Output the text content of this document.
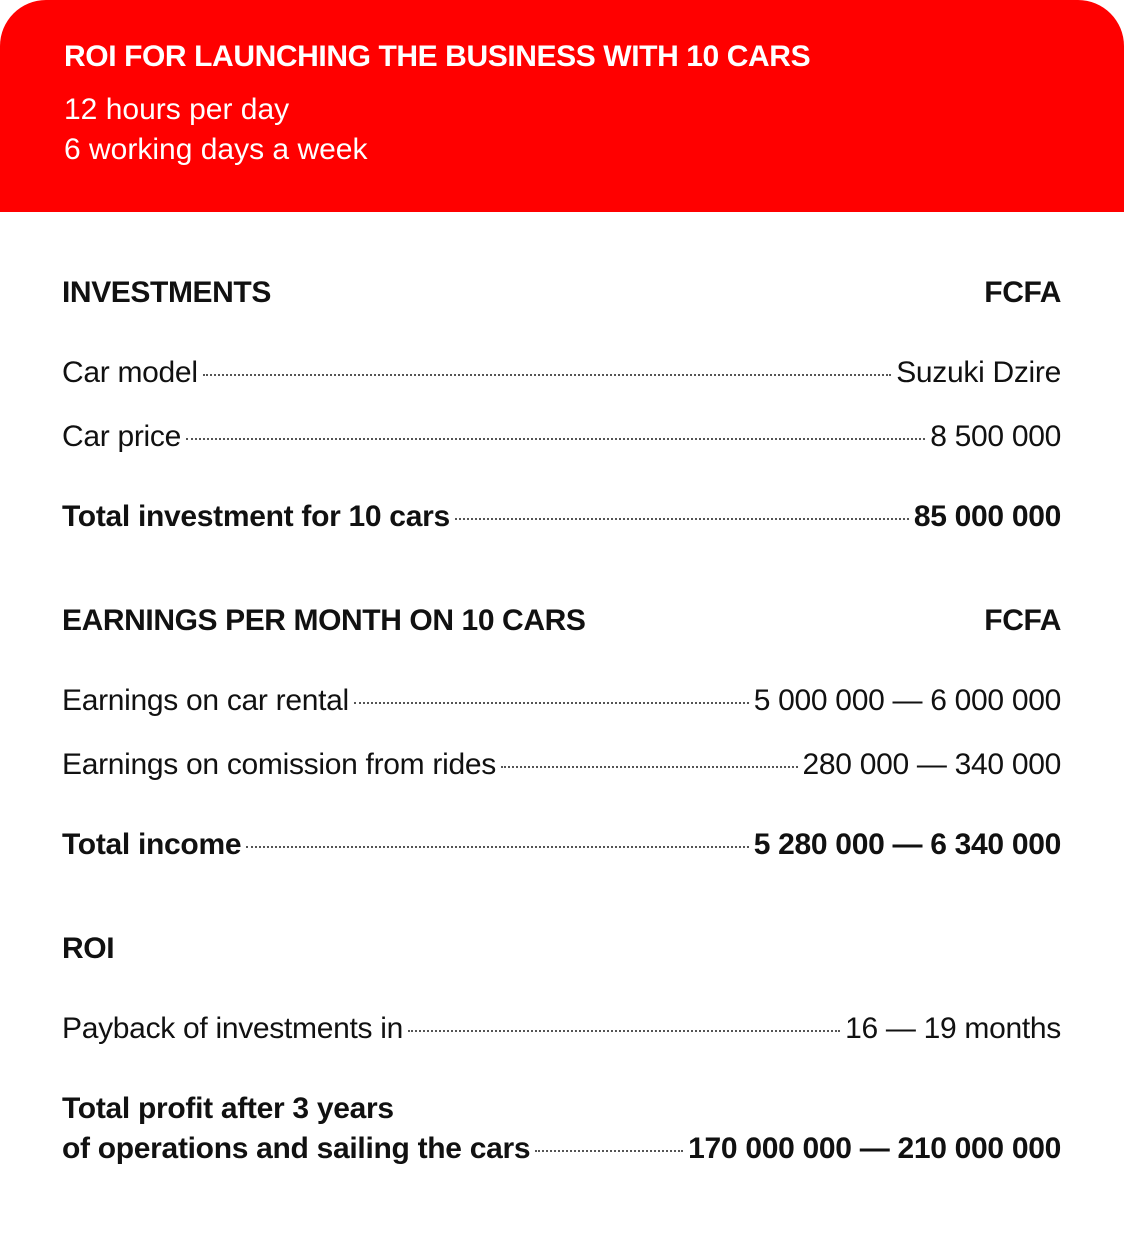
ROI FOR LAUNCHING THE BUSINESS WITH 10 CARS
12 hours per day
6 working days a week
INVESTMENTS	FCFA
Car model	Suzuki Dzire
Car price	8 500 000
Total investment for 10 cars	85 000 000
EARNINGS PER MONTH ON 10 CARS	FCFA
Earnings on car rental	5 000 000 — 6 000 000
Earnings on comission from rides	280 000 — 340 000
Total income	5 280 000 — 6 340 000
ROI
Payback of investments in	16 — 19 months
Total profit after 3 years
of operations and sailing the cars	170 000 000 — 210 000 000
